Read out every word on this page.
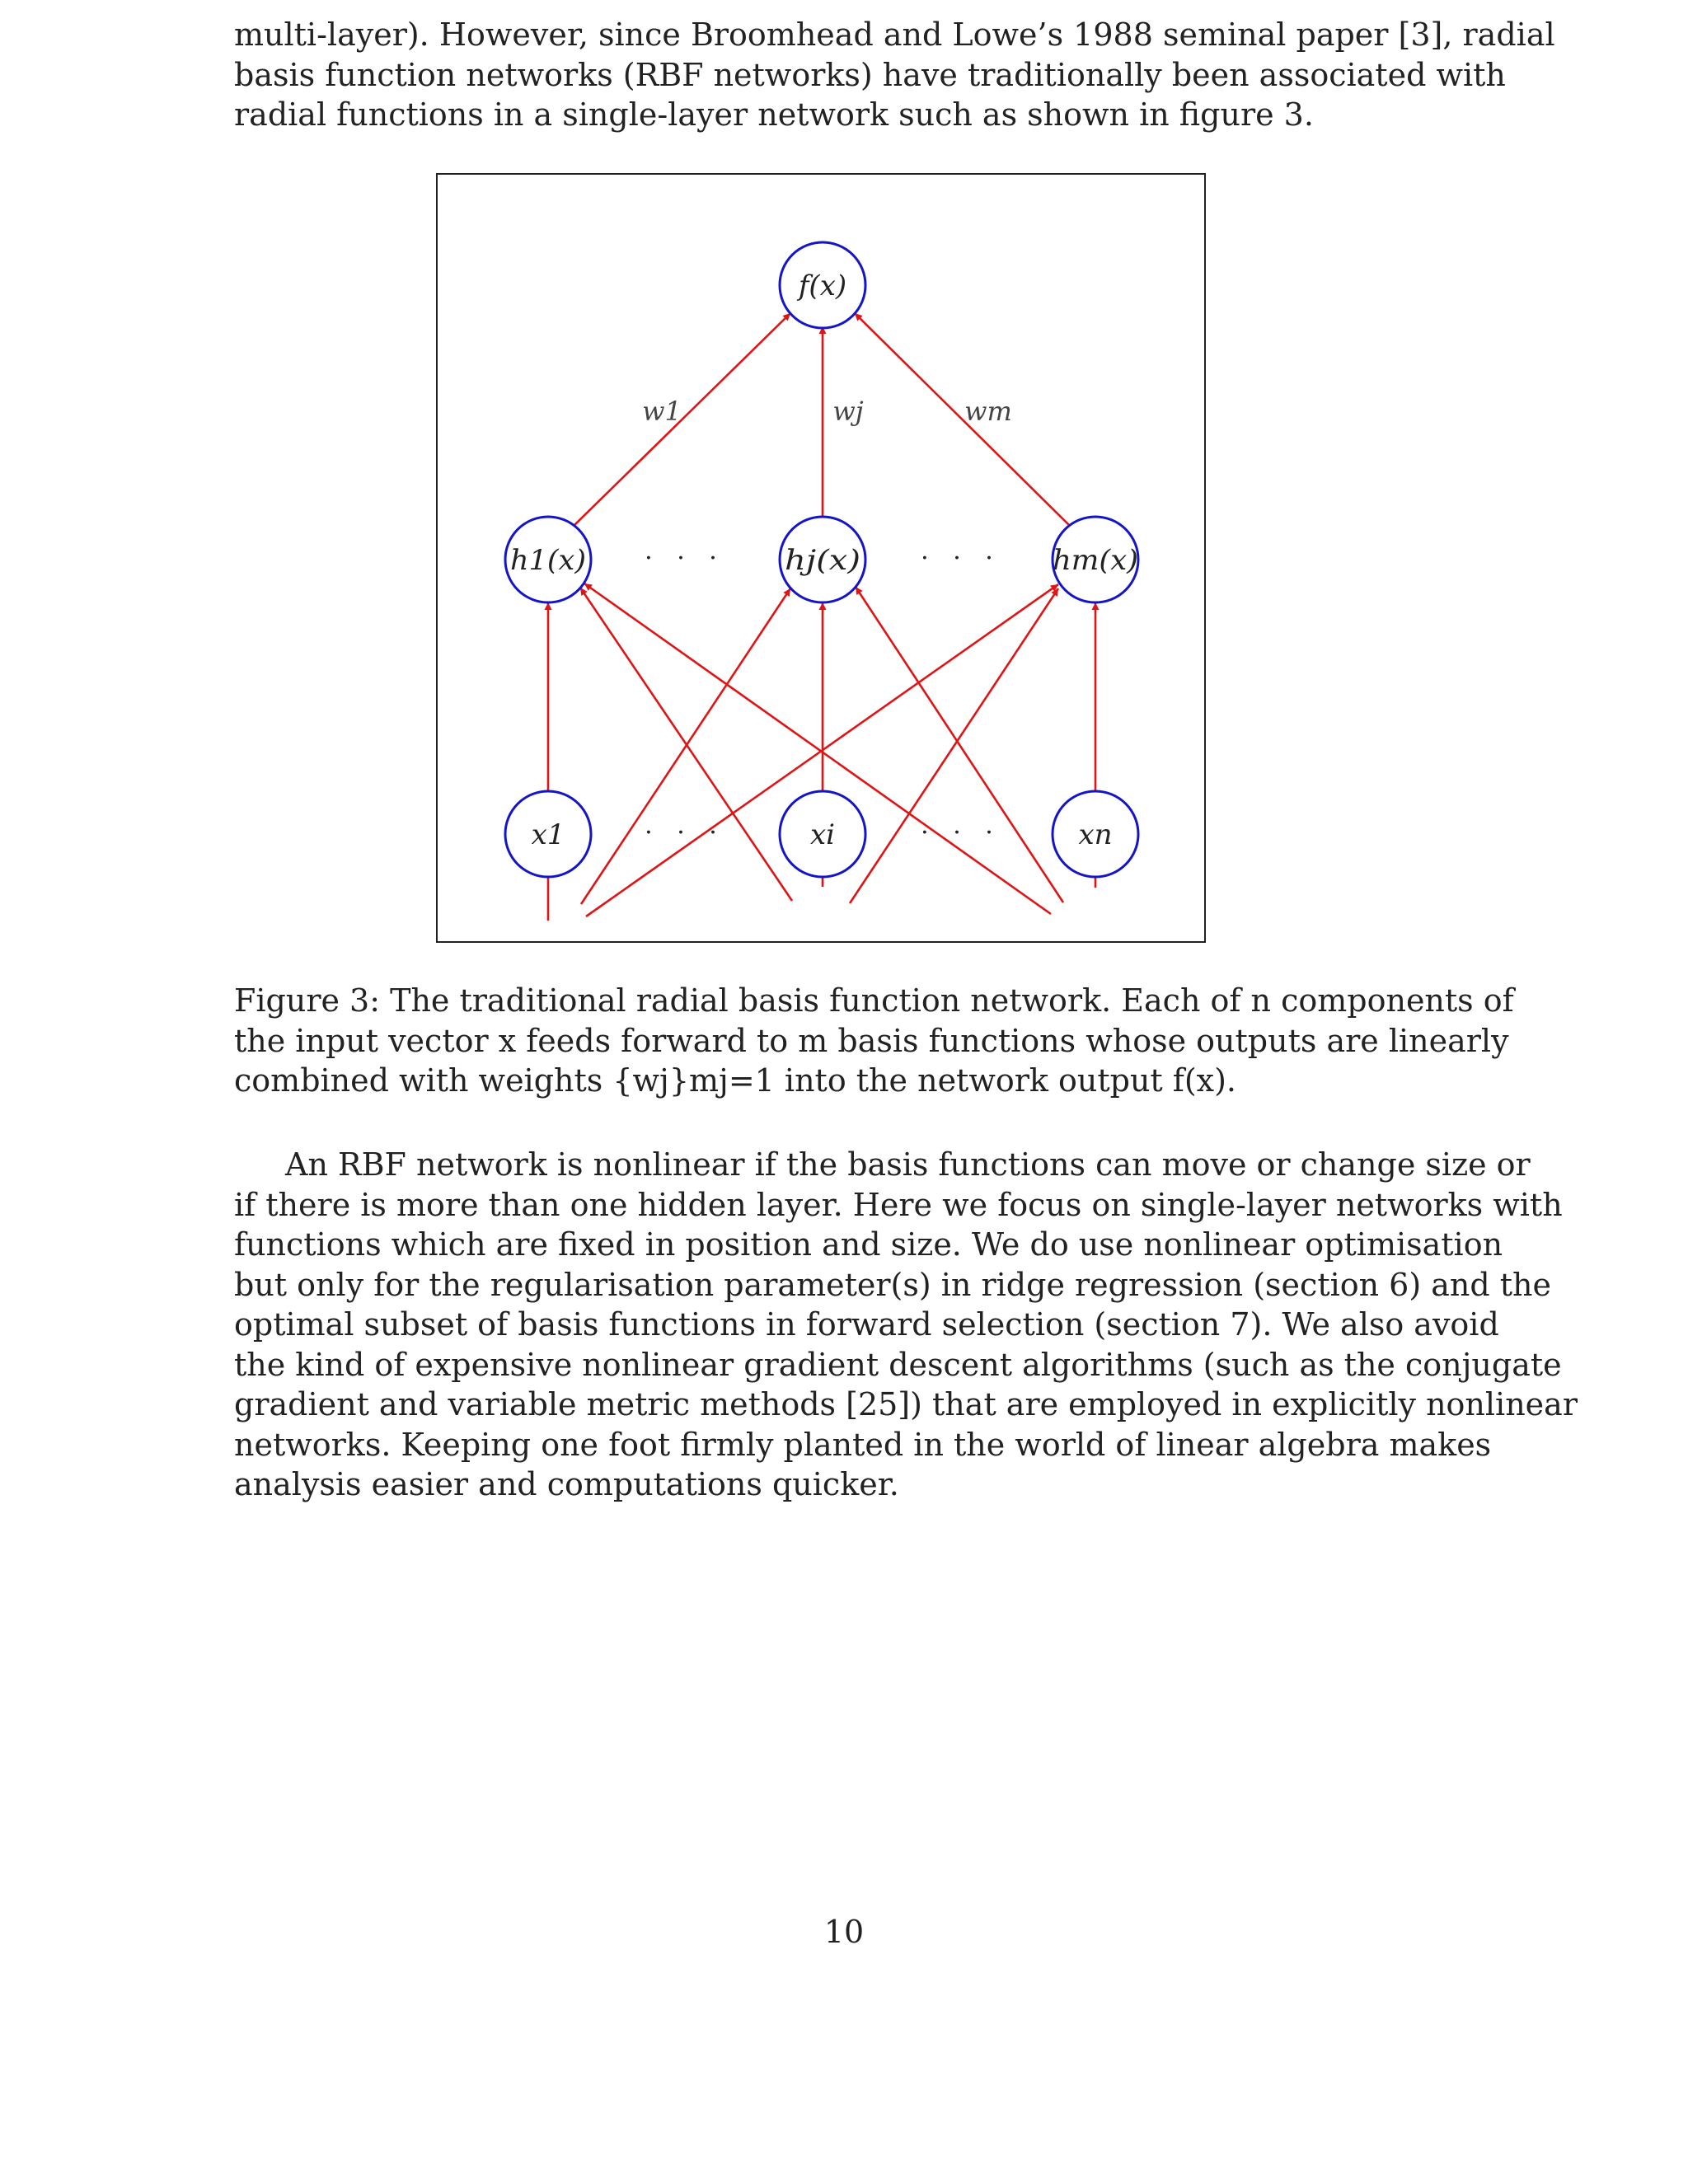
multi-layer). However, since Broomhead and Lowe’s 1988 seminal paper [3], radial
basis function networks (RBF networks) have traditionally been associated with
radial functions in a single-layer network such as shown in figure 3.
f(x)
h1(x)	hj(x)	hm(x)
x1	xi	xn
w1	wj	wm
· · ·	· · ·
· · ·	· · ·
Figure 3: The traditional radial basis function network. Each of n components of
the input vector x feeds forward to m basis functions whose outputs are linearly
combined with weights {wj}mj=1 into the network output f(x).
An RBF network is nonlinear if the basis functions can move or change size or
if there is more than one hidden layer. Here we focus on single-layer networks with
functions which are fixed in position and size. We do use nonlinear optimisation
but only for the regularisation parameter(s) in ridge regression (section 6) and the
optimal subset of basis functions in forward selection (section 7). We also avoid
the kind of expensive nonlinear gradient descent algorithms (such as the conjugate
gradient and variable metric methods [25]) that are employed in explicitly nonlinear
networks. Keeping one foot firmly planted in the world of linear algebra makes
analysis easier and computations quicker.
10
